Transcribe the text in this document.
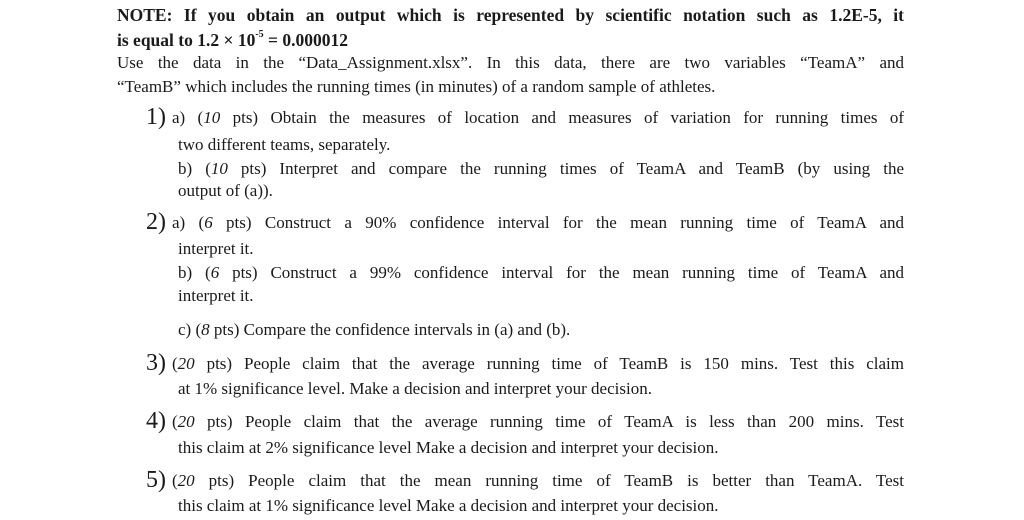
NOTE: If you obtain an output which is represented by scientific notation such as 1.2E-5, it
is equal to $1.2 \times 10^{-5} = 0.000012$
Use the data in the “Data_Assignment.xlsx”. In this data, there are two variables “TeamA” and
“TeamB” which includes the running times (in minutes) of a random sample of athletes.
1) a) (10 pts) Obtain the measures of location and measures of variation for running times of
two different teams, separately.
b) (10 pts) Interpret and compare the running times of TeamA and TeamB (by using the
output of (a)).
2) a) (6 pts) Construct a 90% confidence interval for the mean running time of TeamA and
interpret it.
b) (6 pts) Construct a 99% confidence interval for the mean running time of TeamA and
interpret it.
c) (8 pts) Compare the confidence intervals in (a) and (b).
3) (20 pts) People claim that the average running time of TeamB is 150 mins. Test this claim
at 1% significance level. Make a decision and interpret your decision.
4) (20 pts) People claim that the average running time of TeamA is less than 200 mins. Test
this claim at 2% significance level Make a decision and interpret your decision.
5) (20 pts) People claim that the mean running time of TeamB is better than TeamA. Test
this claim at 1% significance level Make a decision and interpret your decision.
